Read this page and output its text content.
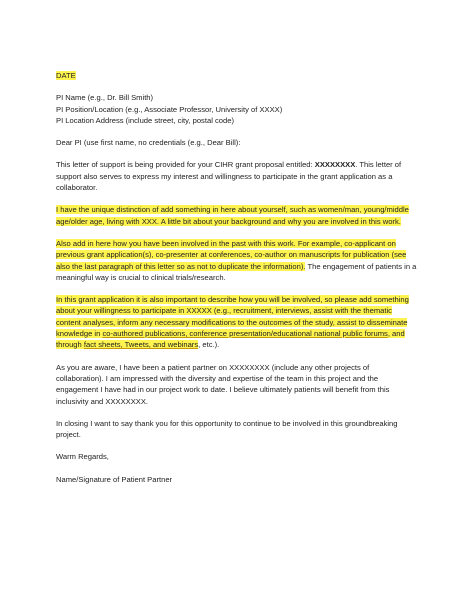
DATE

PI Name (e.g., Dr. Bill Smith)
PI Position/Location (e.g., Associate Professor, University of XXXX)
PI Location Address (include street, city, postal code)

Dear PI (use first name, no credentials (e.g., Dear Bill):

This letter of support is being provided for your CIHR grant proposal entitled: XXXXXXXX. This letter of support also serves to express my interest and willingness to participate in the grant application as a collaborator.

I have the unique distinction of add something in here about yourself, such as women/man, young/middle age/older age, living with XXX. A little bit about your background and why you are involved in this work.

Also add in here how you have been involved in the past with this work. For example, co-applicant on previous grant application(s), co-presenter at conferences, co-author on manuscripts for publication (see also the last paragraph of this letter so as not to duplicate the information). The engagement of patients in a meaningful way is crucial to clinical trials/research.

In this grant application it is also important to describe how you will be involved, so please add something about your willingness to participate in XXXXX (e.g., recruitment, interviews, assist with the thematic content analyses, inform any necessary modifications to the outcomes of the study, assist to disseminate knowledge in co-authored publications, conference presentation/educational national public forums, and through fact sheets, Tweets, and webinars, etc.).

As you are aware, I have been a patient partner on XXXXXXXX (include any other projects of collaboration). I am impressed with the diversity and expertise of the team in this project and the engagement I have had in our project work to date. I believe ultimately patients will benefit from this inclusivity and XXXXXXXX.

In closing I want to say thank you for this opportunity to continue to be involved in this groundbreaking project.

Warm Regards,

Name/Signature of Patient Partner
